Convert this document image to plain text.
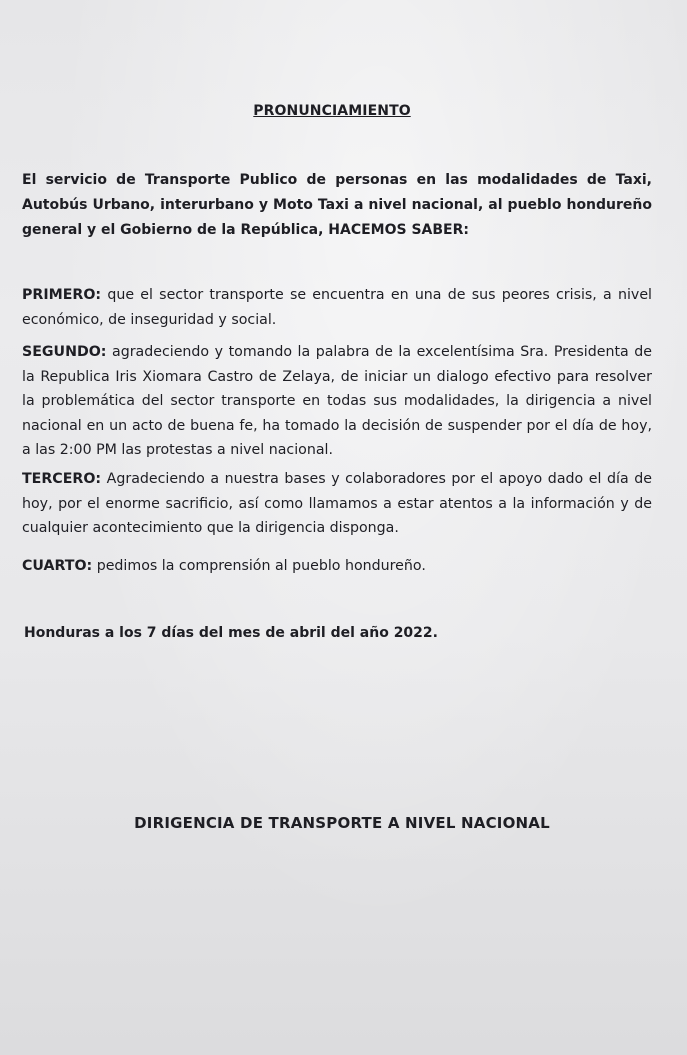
PRONUNCIAMIENTO
El servicio de Transporte Publico de personas en las modalidades de Taxi, Autobús Urbano, interurbano y Moto Taxi a nivel nacional, al pueblo hondureño general y el Gobierno de la República, HACEMOS SABER:
PRIMERO: que el sector transporte se encuentra en una de sus peores crisis, a nivel económico, de inseguridad y social.
SEGUNDO: agradeciendo y tomando la palabra de la excelentísima Sra. Presidenta de la Republica Iris Xiomara Castro de Zelaya, de iniciar un dialogo efectivo para resolver la problemática del sector transporte en todas sus modalidades, la dirigencia a nivel nacional en un acto de buena fe, ha tomado la decisión de suspender por el día de hoy, a las 2:00 PM las protestas a nivel nacional.
TERCERO: Agradeciendo a nuestra bases y colaboradores por el apoyo dado el día de hoy, por el enorme sacrificio, así como llamamos a estar atentos a la información y de cualquier acontecimiento que la dirigencia disponga.
CUARTO: pedimos la comprensión al pueblo hondureño.
Honduras a los 7 días del mes de abril del año 2022.
DIRIGENCIA DE TRANSPORTE A NIVEL NACIONAL
